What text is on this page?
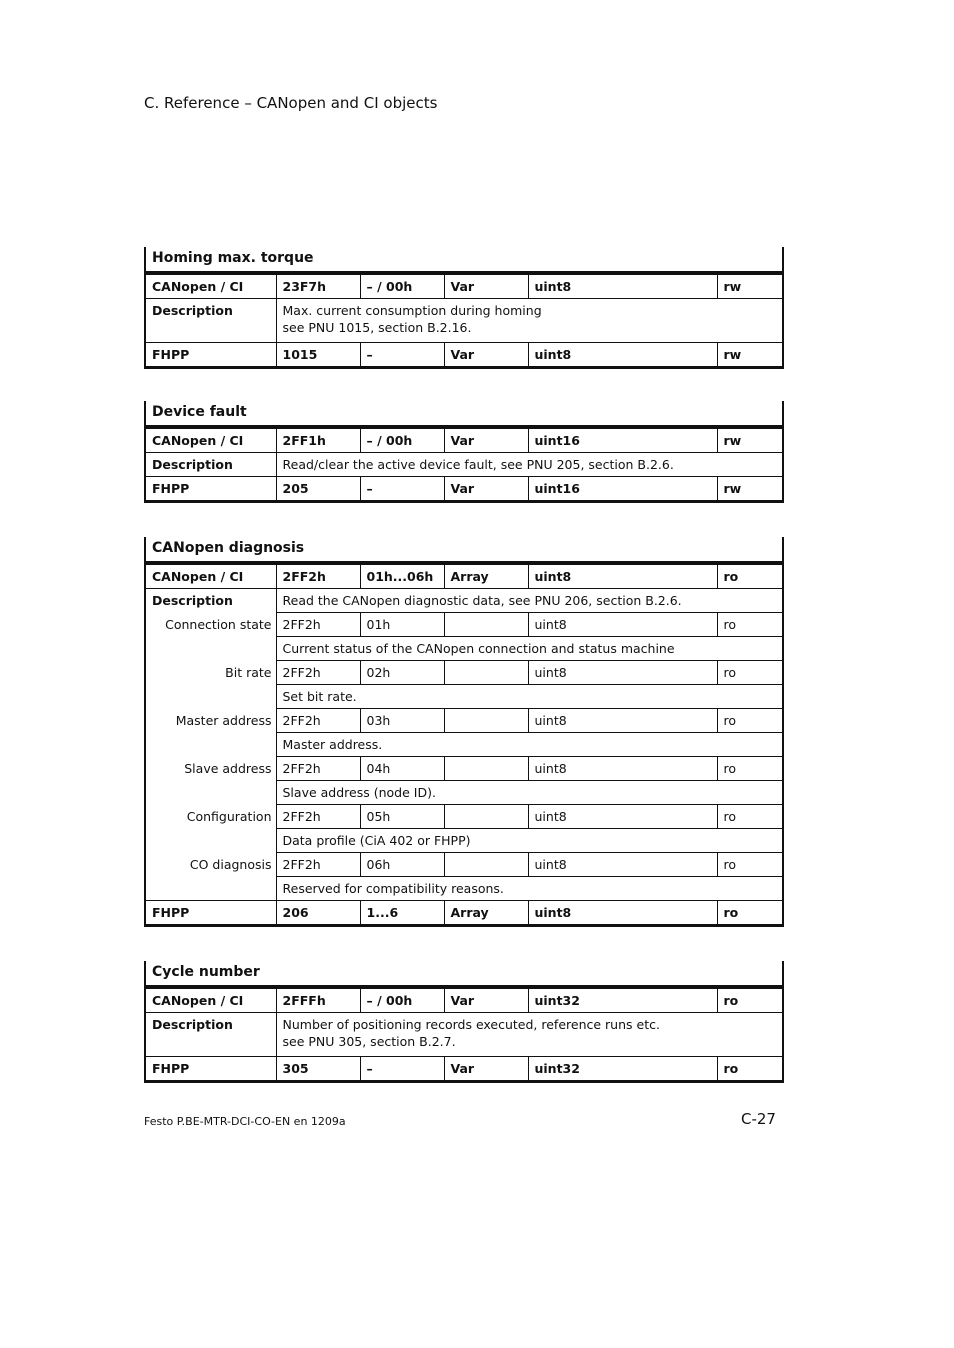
C. Reference – CANopen and CI objects
Homing max. torque
CANopen / CI	23F7h	– / 00h	Var	uint8	rw
Description	Max. current consumption during homing
see PNU 1015, section B.2.16.				

FHPP	1015	–	Var	uint8	rw
Device fault
CANopen / CI	2FF1h	– / 00h	Var	uint16	rw
Description	Read/clear the active device fault, see PNU 205, section B.2.6.				
FHPP	205	–	Var	uint16	rw
CANopen diagnosis
CANopen / CI	2FF2h	01h...06h	Array	uint8	ro
Description	Read the CANopen diagnostic data, see PNU 206, section B.2.6.				
Connection state	2FF2h	01h		uint8	ro
	Current status of the CANopen connection and status machine				
Bit rate	2FF2h	02h		uint8	ro
	Set bit rate.				
Master address	2FF2h	03h		uint8	ro
	Master address.				
Slave address	2FF2h	04h		uint8	ro
	Slave address (node ID).				
Configuration	2FF2h	05h		uint8	ro
	Data profile (CiA 402 or FHPP)				
CO diagnosis	2FF2h	06h		uint8	ro
	Reserved for compatibility reasons.				
FHPP	206	1...6	Array	uint8	ro
Cycle number
CANopen / CI	2FFFh	– / 00h	Var	uint32	ro
Description	Number of positioning records executed, reference runs etc.
see PNU 305, section B.2.7.				

FHPP	305	–	Var	uint32	ro
Festo P.BE-MTR-DCI-CO-EN en 1209a	C-27
